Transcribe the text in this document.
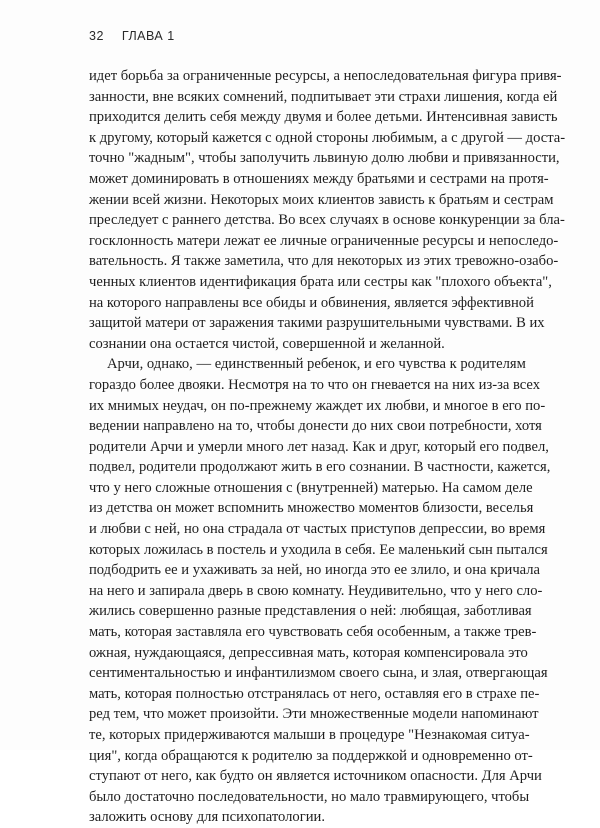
32 ГЛАВА 1
идет борьба за ограниченные ресурсы, а непоследовательная фигура привя-
занности, вне всяких сомнений, подпитывает эти страхи лишения, когда ей
приходится делить себя между двумя и более детьми. Интенсивная зависть
к другому, который кажется с одной стороны любимым, а с другой — доста-
точно "жадным", чтобы заполучить львиную долю любви и привязанности,
может доминировать в отношениях между братьями и сестрами на протя-
жении всей жизни. Некоторых моих клиентов зависть к братьям и сестрам
преследует с раннего детства. Во всех случаях в основе конкуренции за бла-
госклонность матери лежат ее личные ограниченные ресурсы и непоследо-
вательность. Я также заметила, что для некоторых из этих тревожно-озабо-
ченных клиентов идентификация брата или сестры как "плохого объекта",
на которого направлены все обиды и обвинения, является эффективной
защитой матери от заражения такими разрушительными чувствами. В их
сознании она остается чистой, совершенной и желанной.
Арчи, однако, — единственный ребенок, и его чувства к родителям
гораздо более двояки. Несмотря на то что он гневается на них из-за всех
их мнимых неудач, он по-прежнему жаждет их любви, и многое в его по-
ведении направлено на то, чтобы донести до них свои потребности, хотя
родители Арчи и умерли много лет назад. Как и друг, который его подвел,
подвел, родители продолжают жить в его сознании. В частности, кажется,
что у него сложные отношения с (внутренней) матерью. На самом деле
из детства он может вспомнить множество моментов близости, веселья
и любви с ней, но она страдала от частых приступов депрессии, во время
которых ложилась в постель и уходила в себя. Ее маленький сын пытался
подбодрить ее и ухаживать за ней, но иногда это ее злило, и она кричала
на него и запирала дверь в свою комнату. Неудивительно, что у него сло-
жились совершенно разные представления о ней: любящая, заботливая
мать, которая заставляла его чувствовать себя особенным, а также трев-
ожная, нуждающаяся, депрессивная мать, которая компенсировала это
сентиментальностью и инфантилизмом своего сына, и злая, отвергающая
мать, которая полностью отстранялась от него, оставляя его в страхе пе-
ред тем, что может произойти. Эти множественные модели напоминают
те, которых придерживаются малыши в процедуре "Незнакомая ситуа-
ция", когда обращаются к родителю за поддержкой и одновременно от-
ступают от него, как будто он является источником опасности. Для Арчи
было достаточно последовательности, но мало травмирующего, чтобы
заложить основу для психопатологии.
